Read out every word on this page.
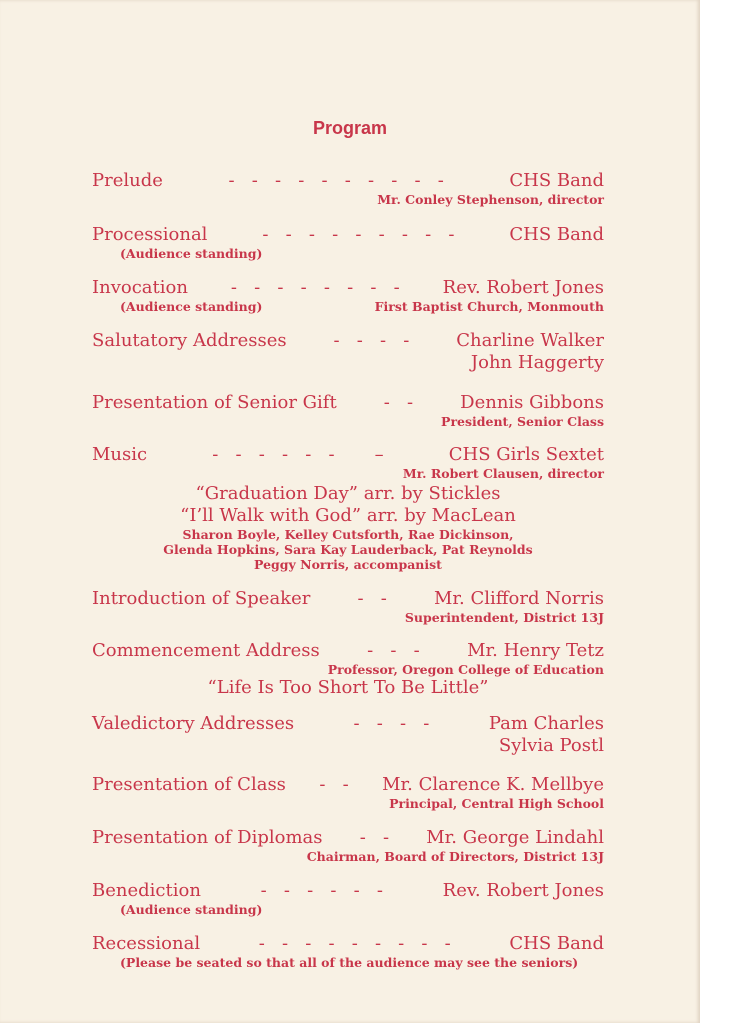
Program
Prelude	-   -   -   -   -   -   -   -   -   -	CHS Band
Mr. Conley Stephenson, director
Processional	-   -   -   -   -   -   -   -   -	CHS Band
(Audience standing)
Invocation	-   -   -   -   -   -   -   -	Rev. Robert Jones
(Audience standing)	First Baptist Church, Monmouth
Salutatory Addresses	-   -   -   -	Charline Walker
John Haggerty
Presentation of Senior Gift	-   -	Dennis Gibbons
President, Senior Class
Music	-   -   -   -   -   -       –	CHS Girls Sextet
Mr. Robert Clausen, director
“Graduation Day” arr. by Stickles
“I’ll Walk with God” arr. by MacLean
Sharon Boyle, Kelley Cutsforth, Rae Dickinson,
Glenda Hopkins, Sara Kay Lauderback, Pat Reynolds
Peggy Norris, accompanist
Introduction of Speaker	-   -	Mr. Clifford Norris
Superintendent, District 13J
Commencement Address	-   -   -	Mr. Henry Tetz
Professor, Oregon College of Education
“Life Is Too Short To Be Little”
Valedictory Addresses	-   -   -   -	Pam Charles
Sylvia Postl
Presentation of Class	-   -	Mr. Clarence K. Mellbye
Principal, Central High School
Presentation of Diplomas	-   -	Mr. George Lindahl
Chairman, Board of Directors, District 13J
Benediction	-   -   -   -   -   -	Rev. Robert Jones
(Audience standing)
Recessional	-   -   -   -   -   -   -   -   -	CHS Band
(Please be seated so that all of the audience may see the seniors)
